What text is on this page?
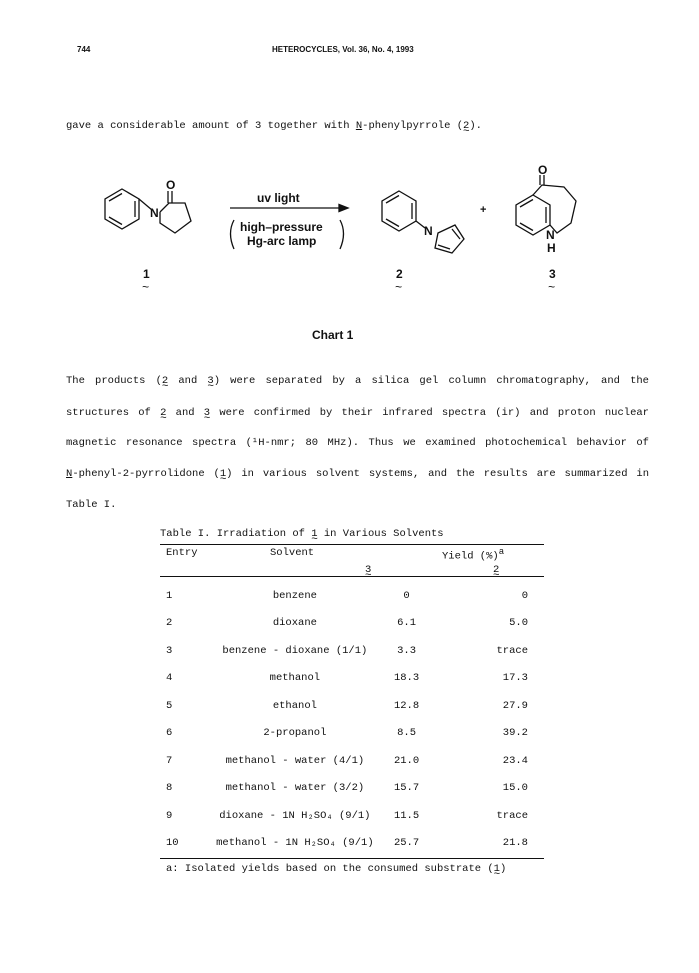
744	HETEROCYCLES, Vol. 36, No. 4, 1993
gave a considerable amount of 3 together with N-phenylpyrrole (2 ~).
O
N
N
O
N
H
uv light
high–pressure
Hg-arc lamp
+
1	2	3
~	~	~
Chart 1
The products (2 ~ and 3 ~) were separated by a silica gel column chromatography, and the
structures of 2 ~ and 3 ~ were confirmed by their infrared spectra (ir) and proton nuclear
magnetic resonance spectra (¹H-nmr; 80 MHz). Thus we examined photochemical behavior of
N-phenyl-2-pyrrolidone (1 ~) in various solvent systems, and the results are summarized in
Table I.
Table I. Irradiation of 1 ~ in Various Solvents
Entry	Solvent	Yield (%)$^a$
3 ~	2 ~
1	benzene	0	0
2	dioxane	6.1	5.0
3	benzene - dioxane (1/1)	3.3	trace
4	methanol	18.3	17.3
5	ethanol	12.8	27.9
6	2-propanol	8.5	39.2
7	methanol - water (4/1)	21.0	23.4
8	methanol - water (3/2)	15.7	15.0
9	dioxane - 1N H₂SO₄ (9/1)	11.5	trace
10	methanol - 1N H₂SO₄ (9/1)	25.7	21.8
a: Isolated yields based on the consumed substrate (1 ~)
